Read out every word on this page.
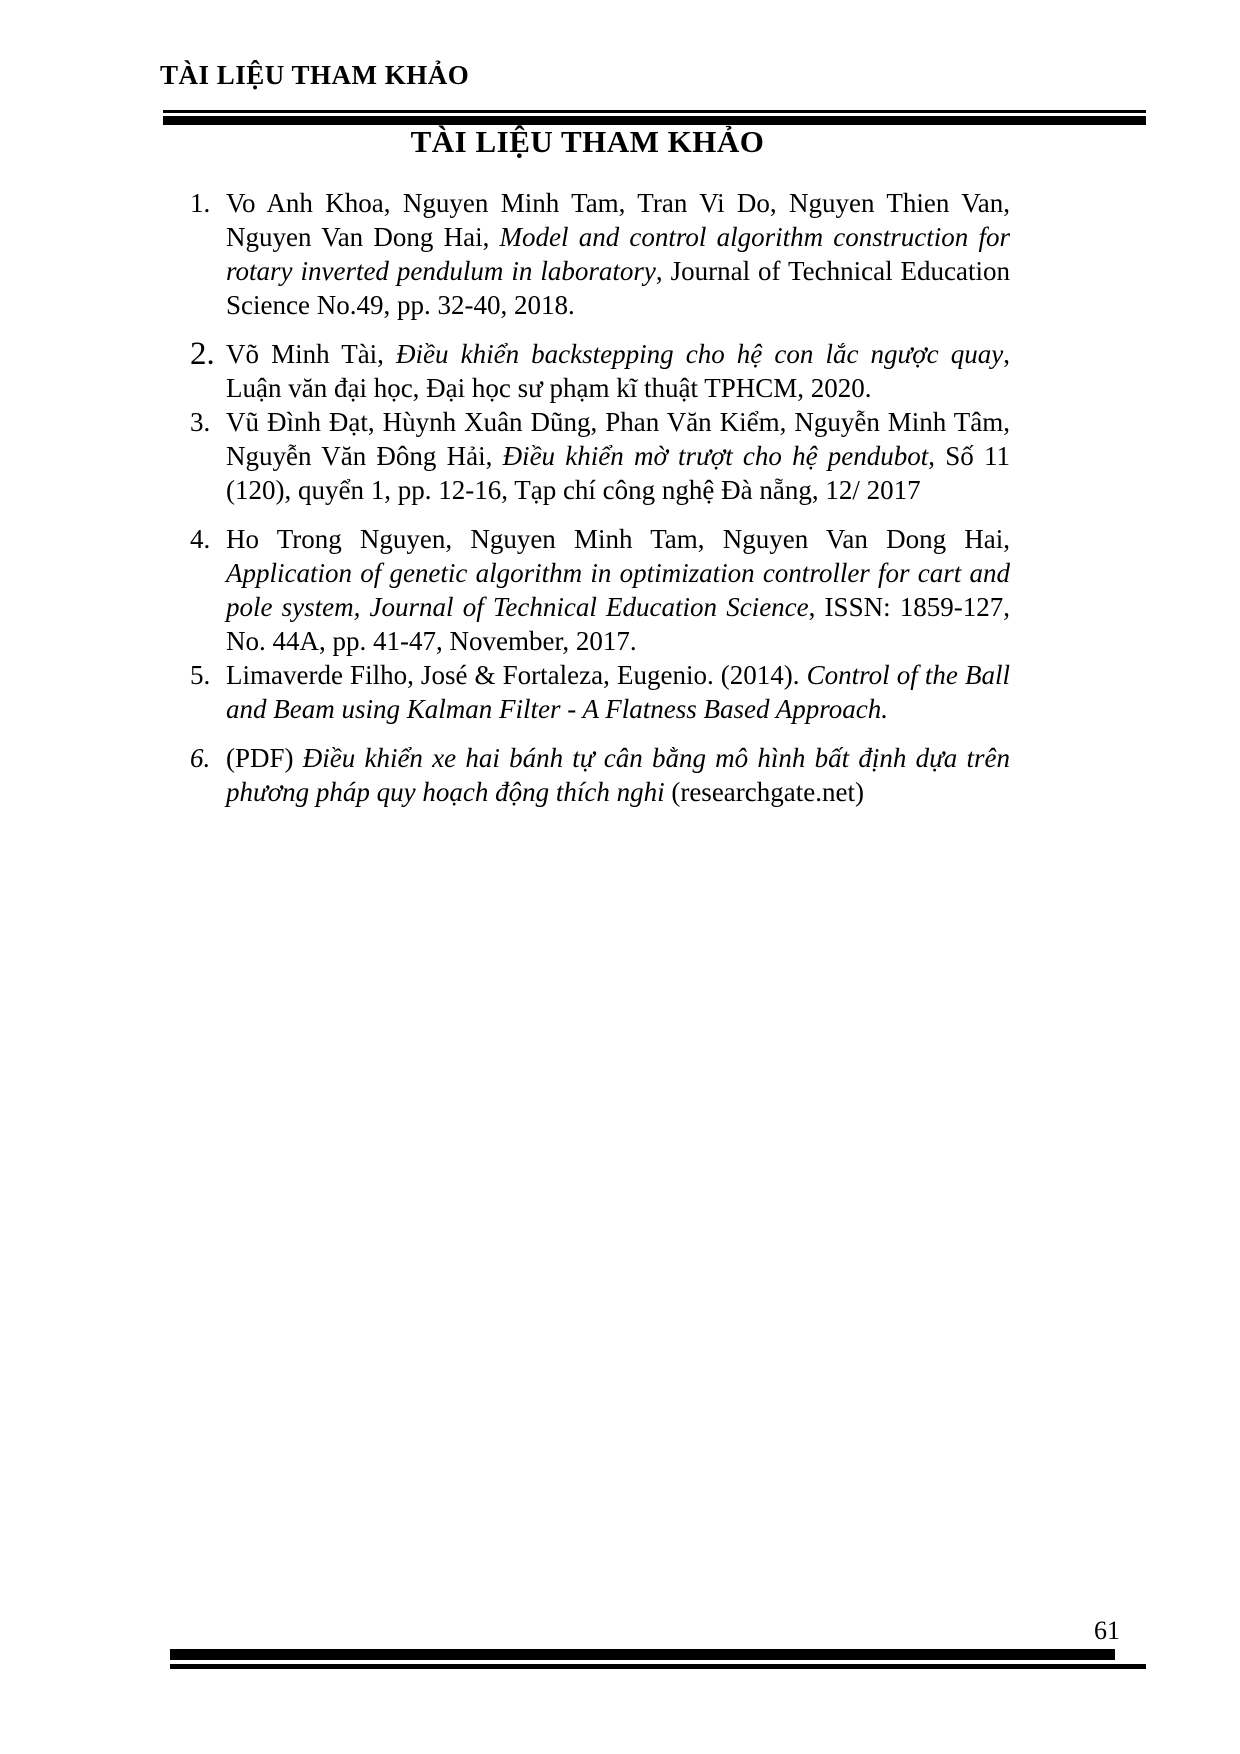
TÀI LIỆU THAM KHẢO
TÀI LIỆU THAM KHẢO
1. Vo Anh Khoa, Nguyen Minh Tam, Tran Vi Do, Nguyen Thien Van, Nguyen Van Dong Hai, Model and control algorithm construction for rotary inverted pendulum in laboratory, Journal of Technical Education Science No.49, pp. 32-40, 2018.
2. Võ Minh Tài, Điều khiển backstepping cho hệ con lắc ngược quay, Luận văn đại học, Đại học sư phạm kĩ thuật TPHCM, 2020.
3. Vũ Đình Đạt, Hùynh Xuân Dũng, Phan Văn Kiểm, Nguyễn Minh Tâm, Nguyễn Văn Đông Hải, Điều khiển mờ trượt cho hệ pendubot, Số 11 (120), quyển 1, pp. 12-16, Tạp chí công nghệ Đà nẵng, 12/ 2017
4. Ho Trong Nguyen, Nguyen Minh Tam, Nguyen Van Dong Hai, Application of genetic algorithm in optimization controller for cart and pole system, Journal of Technical Education Science, ISSN: 1859-127, No. 44A, pp. 41-47, November, 2017.
5. Limaverde Filho, José & Fortaleza, Eugenio. (2014). Control of the Ball and Beam using Kalman Filter - A Flatness Based Approach.
6. (PDF) Điều khiển xe hai bánh tự cân bằng mô hình bất định dựa trên phương pháp quy hoạch động thích nghi (researchgate.net)
61
